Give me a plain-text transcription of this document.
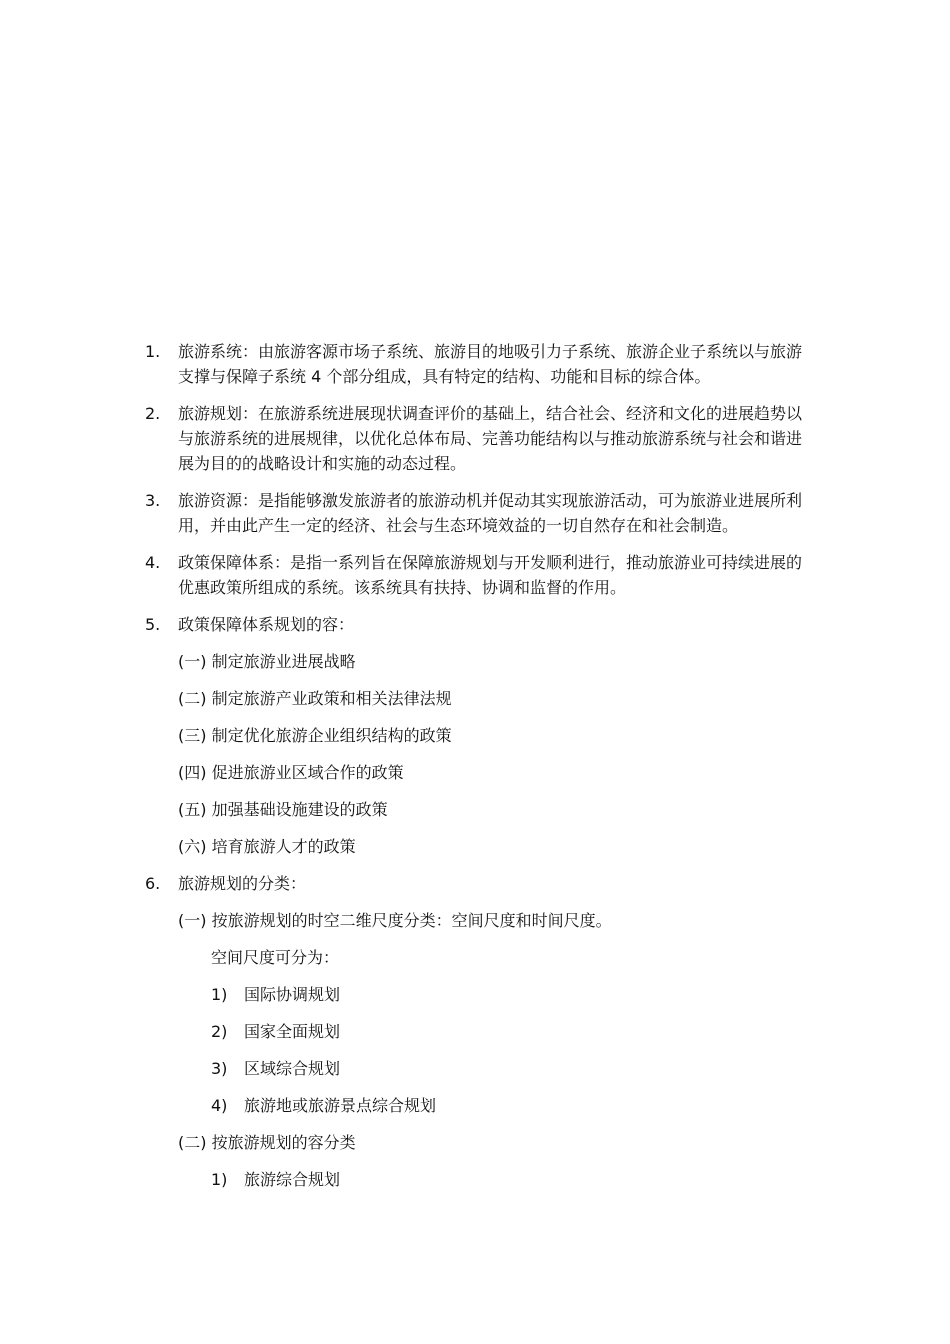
1.	旅游系统：由旅游客源市场子系统、旅游目的地吸引力子系统、旅游企业子系统以与旅游支撑与保障子系统 4 个部分组成，具有特定的结构、功能和目标的综合体。
2.	旅游规划：在旅游系统进展现状调查评价的基础上，结合社会、经济和文化的进展趋势以与旅游系统的进展规律，以优化总体布局、完善功能结构以与推动旅游系统与社会和谐进展为目的的战略设计和实施的动态过程。
3.	旅游资源：是指能够激发旅游者的旅游动机并促动其实现旅游活动，可为旅游业进展所利用，并由此产生一定的经济、社会与生态环境效益的一切自然存在和社会制造。
4.	政策保障体系：是指一系列旨在保障旅游规划与开发顺利进行，推动旅游业可持续进展的优惠政策所组成的系统。该系统具有扶持、协调和监督的作用。
5.	政策保障体系规划的容：
(一) 制定旅游业进展战略
(二) 制定旅游产业政策和相关法律法规
(三) 制定优化旅游企业组织结构的政策
(四) 促进旅游业区域合作的政策
(五) 加强基础设施建设的政策
(六) 培育旅游人才的政策
6.	旅游规划的分类：
(一) 按旅游规划的时空二维尺度分类：空间尺度和时间尺度。
空间尺度可分为：
1)	国际协调规划
2)	国家全面规划
3)	区域综合规划
4)	旅游地或旅游景点综合规划
(二) 按旅游规划的容分类
1)	旅游综合规划
